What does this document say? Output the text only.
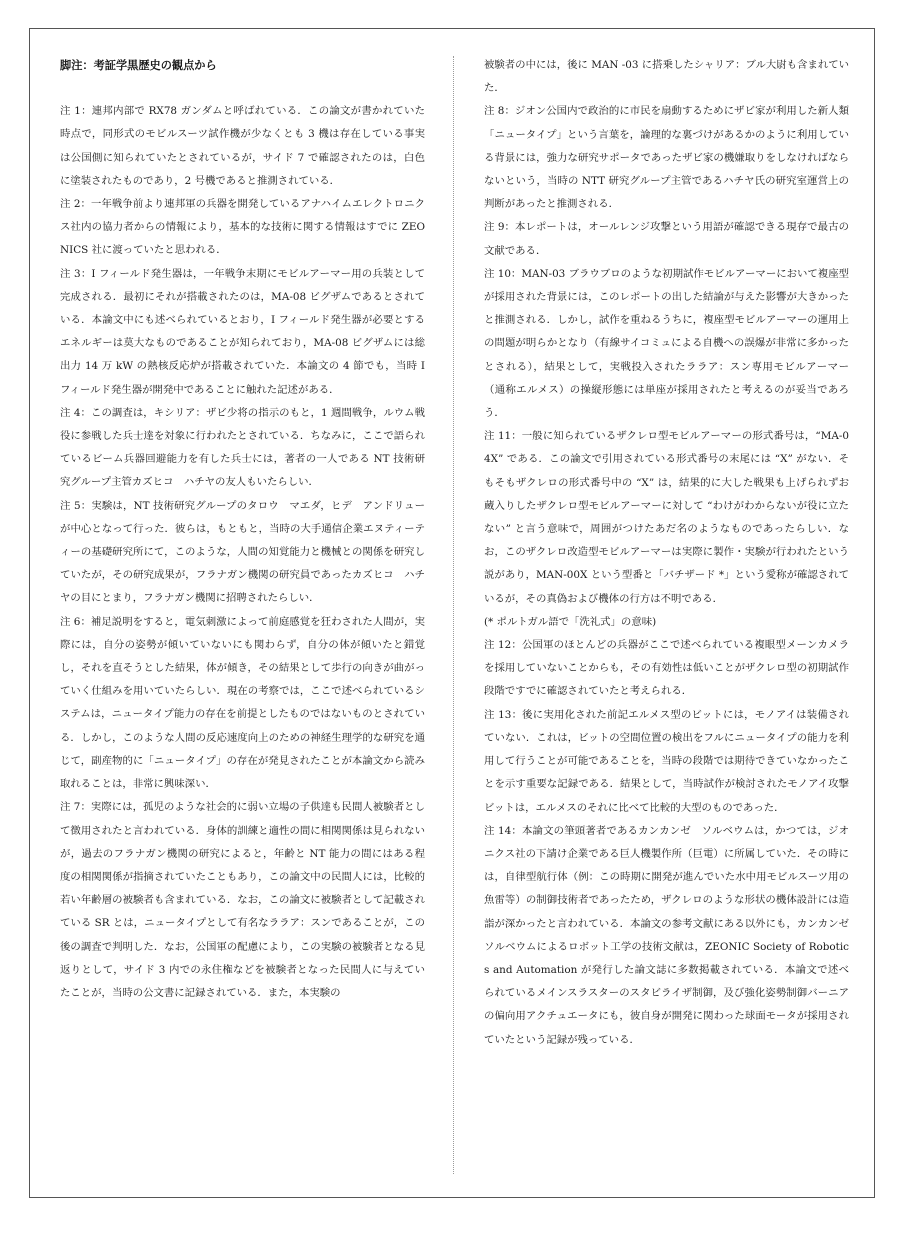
脚注：考証学黒歴史の観点から

注 1：連邦内部で RX78 ガンダムと呼ばれている．この論文が書かれていた時点で，同形式のモビルスーツ試作機が少なくとも 3 機は存在している事実は公国側に知られていたとされているが，サイド 7 で確認されたのは，白色に塗装されたものであり，2 号機であると推測されている．

注 2：一年戦争前より連邦軍の兵器を開発しているアナハイムエレクトロニクス社内の協力者からの情報により，基本的な技術に関する情報はすでに ZEONICS 社に渡っていたと思われる．

注 3：I フィールド発生器は，一年戦争末期にモビルアーマー用の兵装として完成される．最初にそれが搭載されたのは，MA-08 ビグザムであるとされている．本論文中にも述べられているとおり，I フィールド発生器が必要とするエネルギーは莫大なものであることが知られており，MA-08 ビグザムには総出力 14 万 kW の熱核反応炉が搭載されていた．本論文の 4 節でも，当時 I フィールド発生器が開発中であることに触れた記述がある．

注 4：この調査は，キシリア：ザビ少将の指示のもと，1 週間戦争，ルウム戦役に参戦した兵士達を対象に行われたとされている．ちなみに，ここで語られているビーム兵器回避能力を有した兵士には，著者の一人である NT 技術研究グループ主管カズヒコ　ハチヤの友人もいたらしい．

注 5：実験は，NT 技術研究グループのタロウ　マエダ，ヒデ　アンドリューが中心となって行った．彼らは，もともと，当時の大手通信企業エヌティーティーの基礎研究所にて，このような，人間の知覚能力と機械との関係を研究していたが，その研究成果が，フラナガン機関の研究員であったカズヒコ　ハチヤの目にとまり，フラナガン機関に招聘されたらしい．

注 6：補足説明をすると，電気刺激によって前庭感覚を狂わされた人間が，実際には，自分の姿勢が傾いていないにも関わらず，自分の体が傾いたと錯覚し，それを直そうとした結果，体が傾き，その結果として歩行の向きが曲がっていく仕組みを用いていたらしい．現在の考察では，ここで述べられているシステムは，ニュータイプ能力の存在を前提としたものではないものとされている．しかし，このような人間の反応速度向上のための神経生理学的な研究を通じて，副産物的に「ニュータイプ」の存在が発見されたことが本論文から読み取れることは，非常に興味深い．

注 7：実際には，孤児のような社会的に弱い立場の子供達も民間人被験者として徴用されたと言われている．身体的訓練と適性の間に相関関係は見られないが，過去のフラナガン機関の研究によると，年齢と NT 能力の間にはある程度の相関関係が指摘されていたこともあり，この論文中の民間人には，比較的若い年齢層の被験者も含まれている．なお，この論文に被験者として記載されている SR とは，ニュータイプとして有名なララア：スンであることが，この後の調査で判明した．なお，公国軍の配慮により，この実験の被験者となる見返りとして，サイド 3 内での永住権などを被験者となった民間人に与えていたことが，当時の公文書に記録されている．また，本実験の

被験者の中には，後に MAN -03 に搭乗したシャリア：ブル大尉も含まれていた．

注 8：ジオン公国内で政治的に市民を扇動するためにザビ家が利用した新人類「ニュータイプ」という言葉を，論理的な裏づけがあるかのように利用している背景には，強力な研究サポータであったザビ家の機嫌取りをしなければならないという，当時の NTT 研究グループ主管であるハチヤ氏の研究室運営上の判断があったと推測される．

注 9：本レポートは，オールレンジ攻撃という用語が確認できる現存で最古の文献である．

注 10：MAN-03 ブラウブロのような初期試作モビルアーマーにおいて複座型が採用された背景には，このレポートの出した結論が与えた影響が大きかったと推測される．しかし，試作を重ねるうちに，複座型モビルアーマーの運用上の問題が明らかとなり（有線サイコミュによる自機への誤爆が非常に多かったとされる），結果として，実戦投入されたララア：スン専用モビルアーマー（通称エルメス）の操縦形態には単座が採用されたと考えるのが妥当であろう．

注 11：一般に知られているザクレロ型モビルアーマーの形式番号は，“MA-04X” である．この論文で引用されている形式番号の末尾には “X” がない．そもそもザクレロの形式番号中の “X” は，結果的に大した戦果も上げられずお蔵入りしたザクレロ型モビルアーマーに対して “わけがわからないが役に立たない” と言う意味で，周囲がつけたあだ名のようなものであったらしい．なお，このザクレロ改造型モビルアーマーは実際に製作・実験が行われたという説があり，MAN-00X という型番と「バチザード *」という愛称が確認されているが，その真偽および機体の行方は不明である．

(* ポルトガル語で「洗礼式」の意味)

注 12：公国軍のほとんどの兵器がここで述べられている複眼型メーンカメラを採用していないことからも，その有効性は低いことがザクレロ型の初期試作段階ですでに確認されていたと考えられる．

注 13：後に実用化された前記エルメス型のビットには，モノアイは装備されていない．これは，ビットの空間位置の検出をフルにニュータイプの能力を利用して行うことが可能であることを，当時の段階では期待できていなかったことを示す重要な記録である．結果として，当時試作が検討されたモノアイ攻撃ビットは，エルメスのそれに比べて比較的大型のものであった．

注 14：本論文の筆頭著者であるカンカンゼ　ソルベウムは，かつては，ジオニクス社の下請け企業である巨人機製作所（巨電）に所属していた．その時には，自律型航行体（例：この時期に開発が進んでいた水中用モビルスーツ用の魚雷等）の制御技術者であったため，ザクレロのような形状の機体設計には造詣が深かったと言われている．本論文の参考文献にある以外にも，カンカンゼ　ソルベウムによるロボット工学の技術文献は，ZEONIC Society of Robotics and Automation が発行した論文誌に多数掲載されている．本論文で述べられているメインスラスターのスタビライザ制御，及び強化姿勢制御バーニアの偏向用アクチュエータにも，彼自身が開発に関わった球面モータが採用されていたという記録が残っている．
